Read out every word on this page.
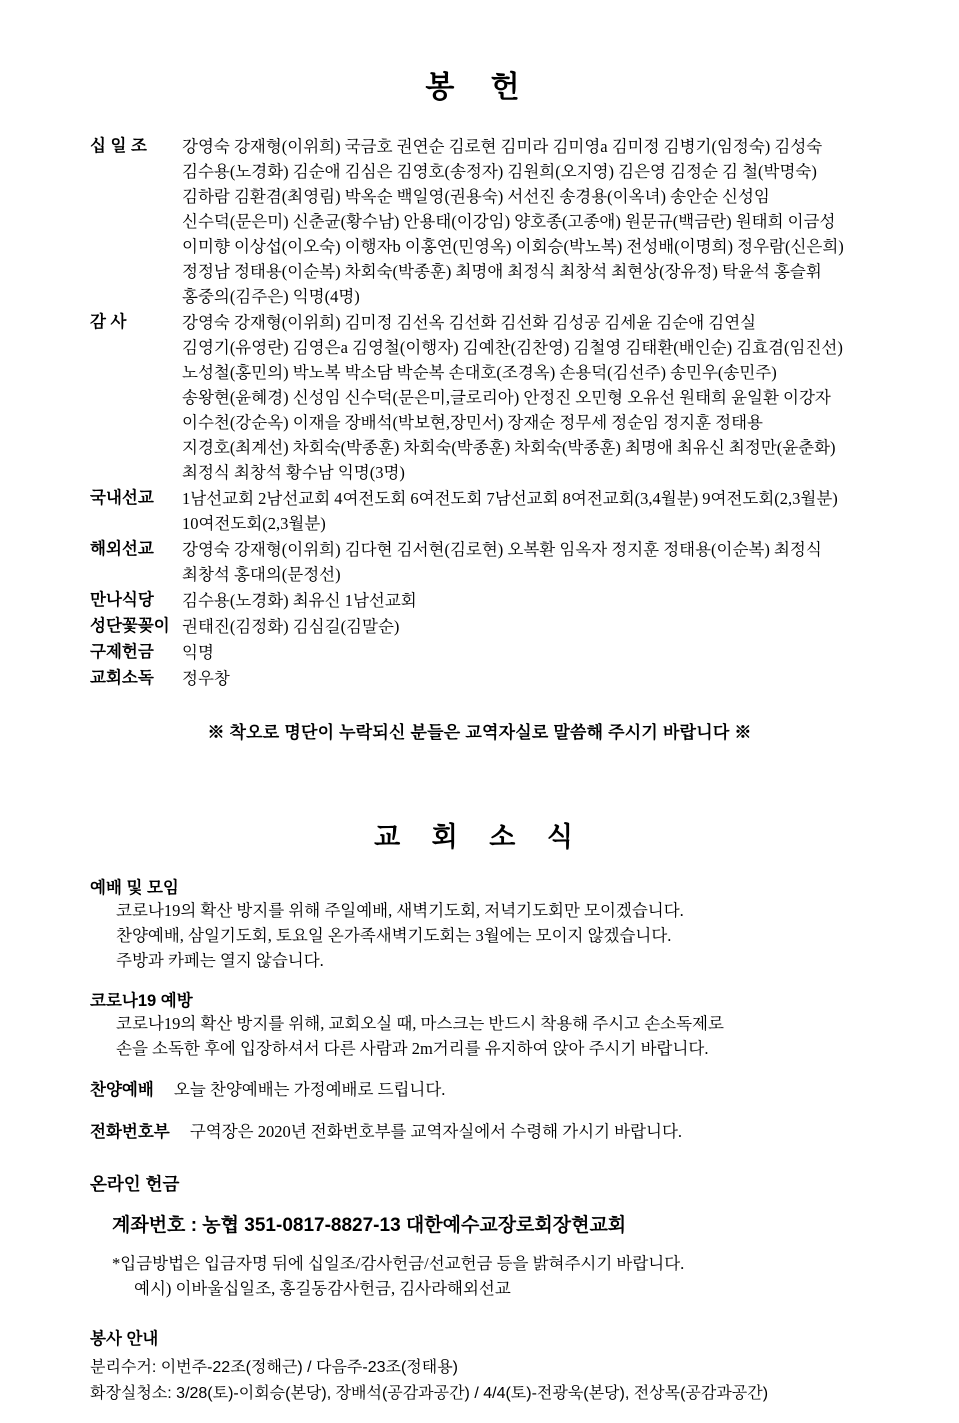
봉 헌
십 일 조	강영숙 강재형(이위희) 국금호 권연순 김로현 김미라 김미영a 김미정 김병기(임정숙) 김성숙
김수용(노경화) 김순애 김심은 김영호(송정자) 김원희(오지영) 김은영 김정순 김 철(박명숙)
김하람 김환겸(최영림) 박옥순 백일영(권용숙) 서선진 송경용(이옥녀) 송안순 신성임
신수덕(문은미) 신춘균(황수남) 안용태(이강임) 양호종(고종애) 원문규(백금란) 원태희 이금성
이미향 이상섭(이오숙) 이행자b 이홍연(민영옥) 이회승(박노복) 전성배(이명희) 정우람(신은희)
정정남 정태용(이순복) 차회숙(박종훈) 최명애 최정식 최창석 최현상(장유정) 탁윤석 홍슬휘
홍중의(김주은) 익명(4명)

감 사	강영숙 강재형(이위희) 김미정 김선옥 김선화 김선화 김성공 김세윤 김순애 김연실
김영기(유영란) 김영은a 김영철(이행자) 김예찬(김찬영) 김철영 김태환(배인순) 김효겸(임진선)
노성철(홍민의) 박노복 박소담 박순복 손대호(조경옥) 손용덕(김선주) 송민우(송민주)
송왕현(윤혜경) 신성임 신수덕(문은미,글로리아) 안정진 오민형 오유선 원태희 윤일환 이강자
이수천(강순옥) 이재을 장배석(박보현,장민서) 장재순 정무세 정순임 정지훈 정태용
지경호(최계선) 차회숙(박종훈) 차회숙(박종훈) 차회숙(박종훈) 최명애 최유신 최정만(윤춘화)
최정식 최창석 황수남 익명(3명)

국내선교	1남선교회 2남선교회 4여전도회 6여전도회 7남선교회 8여전교회(3,4월분) 9여전도회(2,3월분)
10여전도회(2,3월분)

해외선교	강영숙 강재형(이위희) 김다현 김서현(김로현) 오복환 임옥자 정지훈 정태용(이순복) 최정식
최창석 홍대의(문정선)

만나식당	김수용(노경화) 최유신 1남선교회

성단꽃꽂이	권태진(김정화) 김심길(김말순)

구제헌금	익명

교회소독	정우창
※ 착오로 명단이 누락되신 분들은 교역자실로 말씀해 주시기 바랍니다 ※
교 회 소 식
예배 및 모임
코로나19의 확산 방지를 위해 주일예배, 새벽기도회, 저녁기도회만 모이겠습니다.
찬양예배, 삼일기도회, 토요일 온가족새벽기도회는 3월에는 모이지 않겠습니다.
주방과 카페는 열지 않습니다.
코로나19 예방
코로나19의 확산 방지를 위해, 교회오실 때, 마스크는 반드시 착용해 주시고 손소독제로
손을 소독한 후에 입장하셔서 다른 사람과 2m거리를 유지하여 앉아 주시기 바랍니다.
찬양예배 오늘 찬양예배는 가정예배로 드립니다.
전화번호부 구역장은 2020년 전화번호부를 교역자실에서 수령해 가시기 바랍니다.
온라인 헌금
계좌번호 : 농협 351-0817-8827-13 대한예수교장로회장현교회
*입금방법은 입금자명 뒤에 십일조/감사헌금/선교헌금 등을 밝혀주시기 바랍니다.
예시) 이바울십일조, 홍길동감사헌금, 김사라해외선교
봉사 안내
분리수거: 이번주-22조(정해근) / 다음주-23조(정태용)
화장실청소: 3/28(토)-이회승(본당), 장배석(공감과공간) / 4/4(토)-전광욱(본당), 전상목(공감과공간)
